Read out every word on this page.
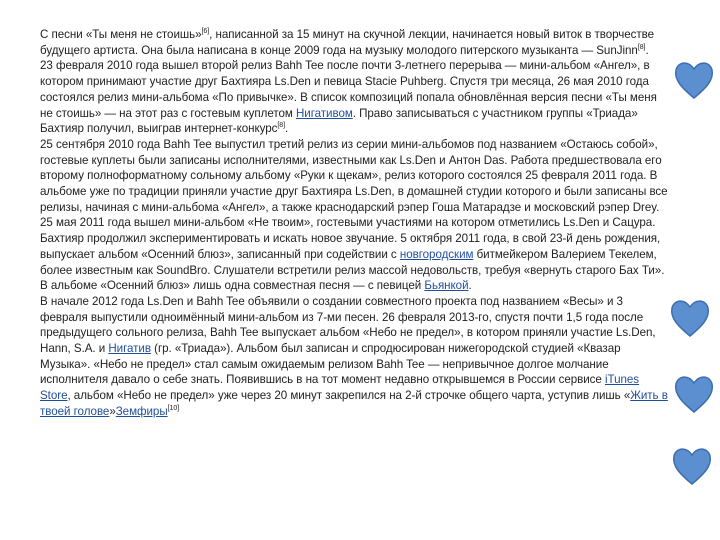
С песни «Ты меня не стоишь»[6], написанной за 15 минут на скучной лекции, начинается новый виток в творчестве будущего артиста. Она была написана в конце 2009 года на музыку молодого питерского музыканта — SunJinn[8].

23 февраля 2010 года вышел второй релиз Bahh Tee после почти 3-летнего перерыва — мини-альбом «Ангел», в котором принимают участие друг Бахтияра Ls.Den и певица Stacie Puhberg. Спустя три месяца, 26 мая 2010 года состоялся релиз мини-альбома «По привычке». В список композиций попала обновлённая версия песни «Ты меня не стоишь» — на этот раз с гостевым куплетом Нигативом. Право записываться с участником группы «Триада» Бахтияр получил, выиграв интернет-конкурс[8].

25 сентября 2010 года Bahh Tee выпустил третий релиз из серии мини-альбомов под названием «Остаюсь собой», гостевые куплеты были записаны исполнителями, известными как Ls.Den и Антон Das. Работа предшествовала его второму полноформатному сольному альбому «Руки к щекам», релиз которого состоялся 25 февраля 2011 года. В альбоме уже по традиции приняли участие друг Бахтияра Ls.Den, в домашней студии которого и были записаны все релизы, начиная с мини-альбома «Ангел», а также краснодарский рэпер Гоша Матарадзе и московский рэпер Drey.

25 мая 2011 года вышел мини-альбом «Не твоим», гостевыми участиями на котором отметились Ls.Den и Сацура. Бахтияр продолжил экспериментировать и искать новое звучание. 5 октября 2011 года, в свой 23-й день рождения, выпускает альбом «Осенний блюз», записанный при содействии с новгородским битмейкером Валерием Текелем, более известным как SoundBro. Слушатели встретили релиз массой недовольств, требуя «вернуть старого Бах Ти». В альбоме «Осенний блюз» лишь одна совместная песня — с певицей Бьянкой.

В начале 2012 года Ls.Den и Bahh Tee объявили о создании совместного проекта под названием «Весы» и 3 февраля выпустили одноимённый мини-альбом из 7-ми песен. 26 февраля 2013-го, спустя почти 1,5 года после предыдущего сольного релиза, Bahh Tee выпускает альбом «Небо не предел», в котором приняли участие Ls.Den, Hann, S.A. и Нигатив (гр. «Триада»). Альбом был записан и спродюсирован нижегородской студией «Квазар Музыка». «Небо не предел» стал самым ожидаемым релизом Bahh Tee — непривычное долгое молчание исполнителя давало о себе знать. Появившись в на тот момент недавно открывшемся в России сервисе iTunes Store, альбом «Небо не предел» уже через 20 минут закрепился на 2-й строчке общего чарта, уступив лишь «Жить в твоей голове»Земфиры[10]
